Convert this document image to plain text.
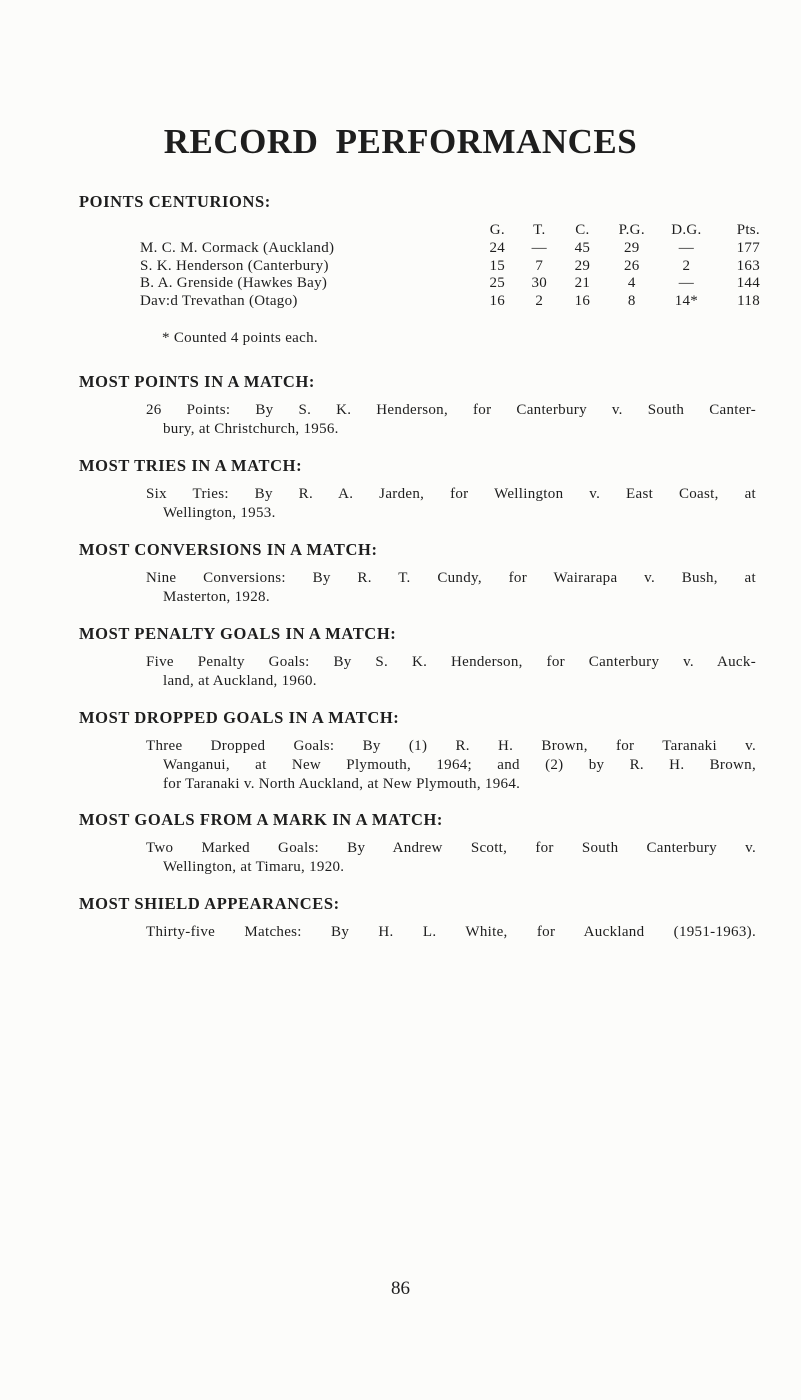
RECORD PERFORMANCES

POINTS CENTURIONS:

	G.	T.	C.	P.G.	D.G.	Pts.
M. C. M. Cormack (Auckland)	24	—	45	29	—	177
S. K. Henderson (Canterbury)	15	7	29	26	2	163
B. A. Grenside (Hawkes Bay)	25	30	21	4	—	144
Dav:d Trevathan (Otago)	16	2	16	8	14*	118

* Counted 4 points each.

MOST POINTS IN A MATCH:

26 Points: By S. K. Henderson, for Canterbury v. South Canter-
bury, at Christchurch, 1956.

MOST TRIES IN A MATCH:

Six Tries: By R. A. Jarden, for Wellington v. East Coast, at
Wellington, 1953.

MOST CONVERSIONS IN A MATCH:

Nine Conversions: By R. T. Cundy, for Wairarapa v. Bush, at
Masterton, 1928.

MOST PENALTY GOALS IN A MATCH:

Five Penalty Goals: By S. K. Henderson, for Canterbury v. Auck-
land, at Auckland, 1960.

MOST DROPPED GOALS IN A MATCH:

Three Dropped Goals: By (1) R. H. Brown, for Taranaki v.
Wanganui, at New Plymouth, 1964; and (2) by R. H. Brown,
for Taranaki v. North Auckland, at New Plymouth, 1964.

MOST GOALS FROM A MARK IN A MATCH:

Two Marked Goals: By Andrew Scott, for South Canterbury v.
Wellington, at Timaru, 1920.

MOST SHIELD APPEARANCES:

Thirty-five Matches: By H. L. White, for Auckland (1951-1963).

86
